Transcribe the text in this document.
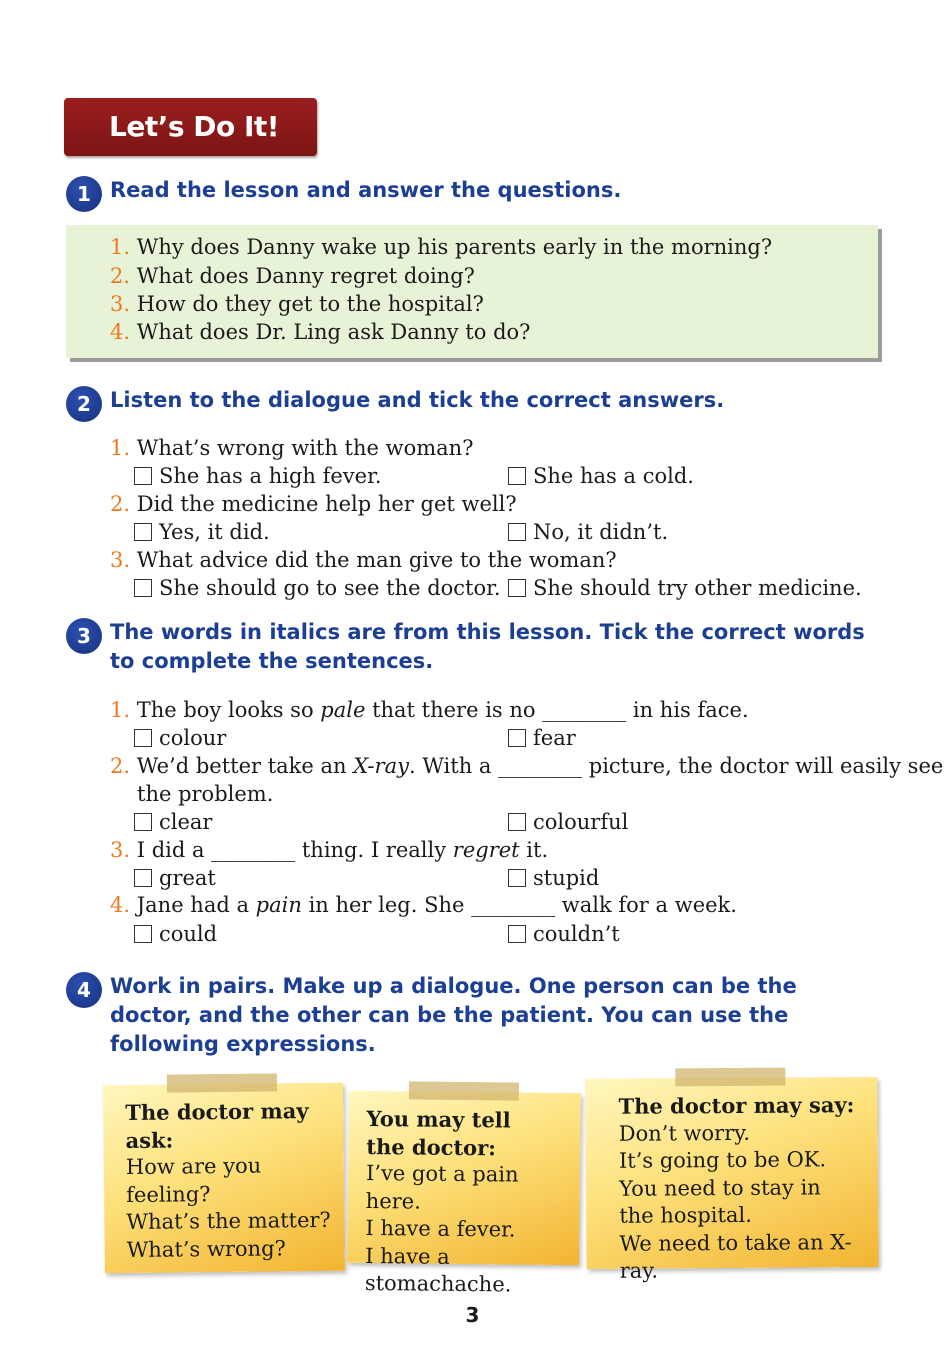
Let’s Do It!
1 Read the lesson and answer the questions.
1. Why does Danny wake up his parents early in the morning?
2. What does Danny regret doing?
3. How do they get to the hospital?
4. What does Dr. Ling ask Danny to do?
2 Listen to the dialogue and tick the correct answers.
1. What’s wrong with the woman?
She has a high fever.	She has a cold.
2. Did the medicine help her get well?
Yes, it did.	No, it didn’t.
3. What advice did the man give to the woman?
She should go to see the doctor. She should try other medicine.
3 The words in italics are from this lesson. Tick the correct words to complete the sentences.
1. The boy looks so pale that there is no ________ in his face.
colour	fear
2. We’d better take an X-ray. With a ________ picture, the doctor will easily see
the problem.
clear	colourful
3. I did a ________ thing. I really regret it.
great	stupid
4. Jane had a pain in her leg. She ________ walk for a week.
could	couldn’t
4 Work in pairs. Make up a dialogue. One person can be the doctor, and the other can be the patient. You can use the following expressions.
The doctor may ask:
How are you feeling?
What’s the matter?
What’s wrong?
You may tell the doctor:
I’ve got a pain here.
I have a fever.
I have a stomachache.
The doctor may say:
Don’t worry.
It’s going to be OK.
You need to stay in the hospital.
We need to take an X-ray.
3
